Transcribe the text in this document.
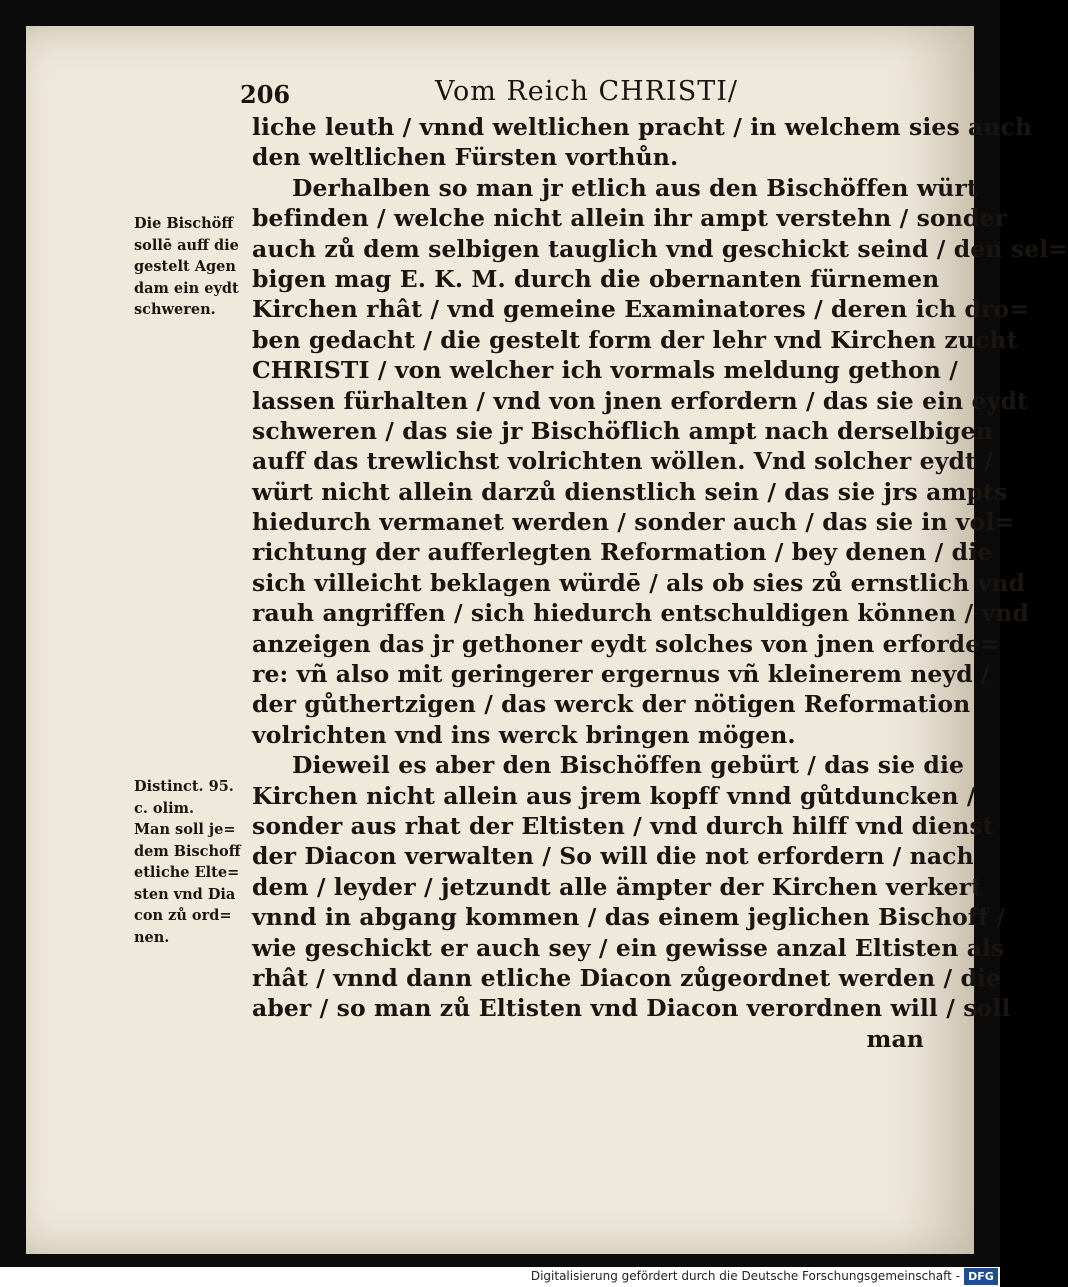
206	Vom Reich CHRISTI/
liche leuth / vnnd weltlichen pracht / in welchem sies auch
den weltlichen Fürsten vorthůn.
Derhalben so man jr etlich aus den Bischöffen würt
befinden / welche nicht allein ihr ampt verstehn / sonder
auch zů dem selbigen tauglich vnd geschickt seind / den sel=
bigen mag E. K. M. durch die obernanten fürnemen
Kirchen rhât / vnd gemeine Examinatores / deren ich dro=
ben gedacht / die gestelt form der lehr vnd Kirchen zucht
CHRISTI / von welcher ich vormals meldung gethon /
lassen fürhalten / vnd von jnen erfordern / das sie ein eydt
schweren / das sie jr Bischöflich ampt nach derselbigen
auff das trewlichst volrichten wöllen. Vnd solcher eydt /
würt nicht allein darzů dienstlich sein / das sie jrs ampts
hiedurch vermanet werden / sonder auch / das sie in vol=
richtung der aufferlegten Reformation / bey denen / die
sich villeicht beklagen würdē / als ob sies zů ernstlich vnd
rauh angriffen / sich hiedurch entschuldigen können / vnd
anzeigen das jr gethoner eydt solches von jnen erforde=
re: vñ also mit geringerer ergernus vñ kleinerem neyd /
der gůthertzigen / das werck der nötigen Reformation
volrichten vnd ins werck bringen mögen.
Dieweil es aber den Bischöffen gebürt / das sie die
Kirchen nicht allein aus jrem kopff vnnd gůtduncken /
sonder aus rhat der Eltisten / vnd durch hilff vnd dienst
der Diacon verwalten / So will die not erfordern / nach
dem / leyder / jetzundt alle ämpter der Kirchen verkert
vnnd in abgang kommen / das einem jeglichen Bischoff /
wie geschickt er auch sey / ein gewisse anzal Eltisten als
rhât / vnnd dann etliche Diacon zůgeordnet werden / die
aber / so man zů Eltisten vnd Diacon verordnen will / soll
man
Die Bischöff
sollē auff die
gestelt Agen
dam ein eydt
schweren.
Distinct. 95.
c. olim.
Man soll je=
dem Bischoff
etliche Elte=
sten vnd Dia
con zů ord=
nen.
Digitalisierung gefördert durch die Deutsche Forschungsgemeinschaft - DFG
